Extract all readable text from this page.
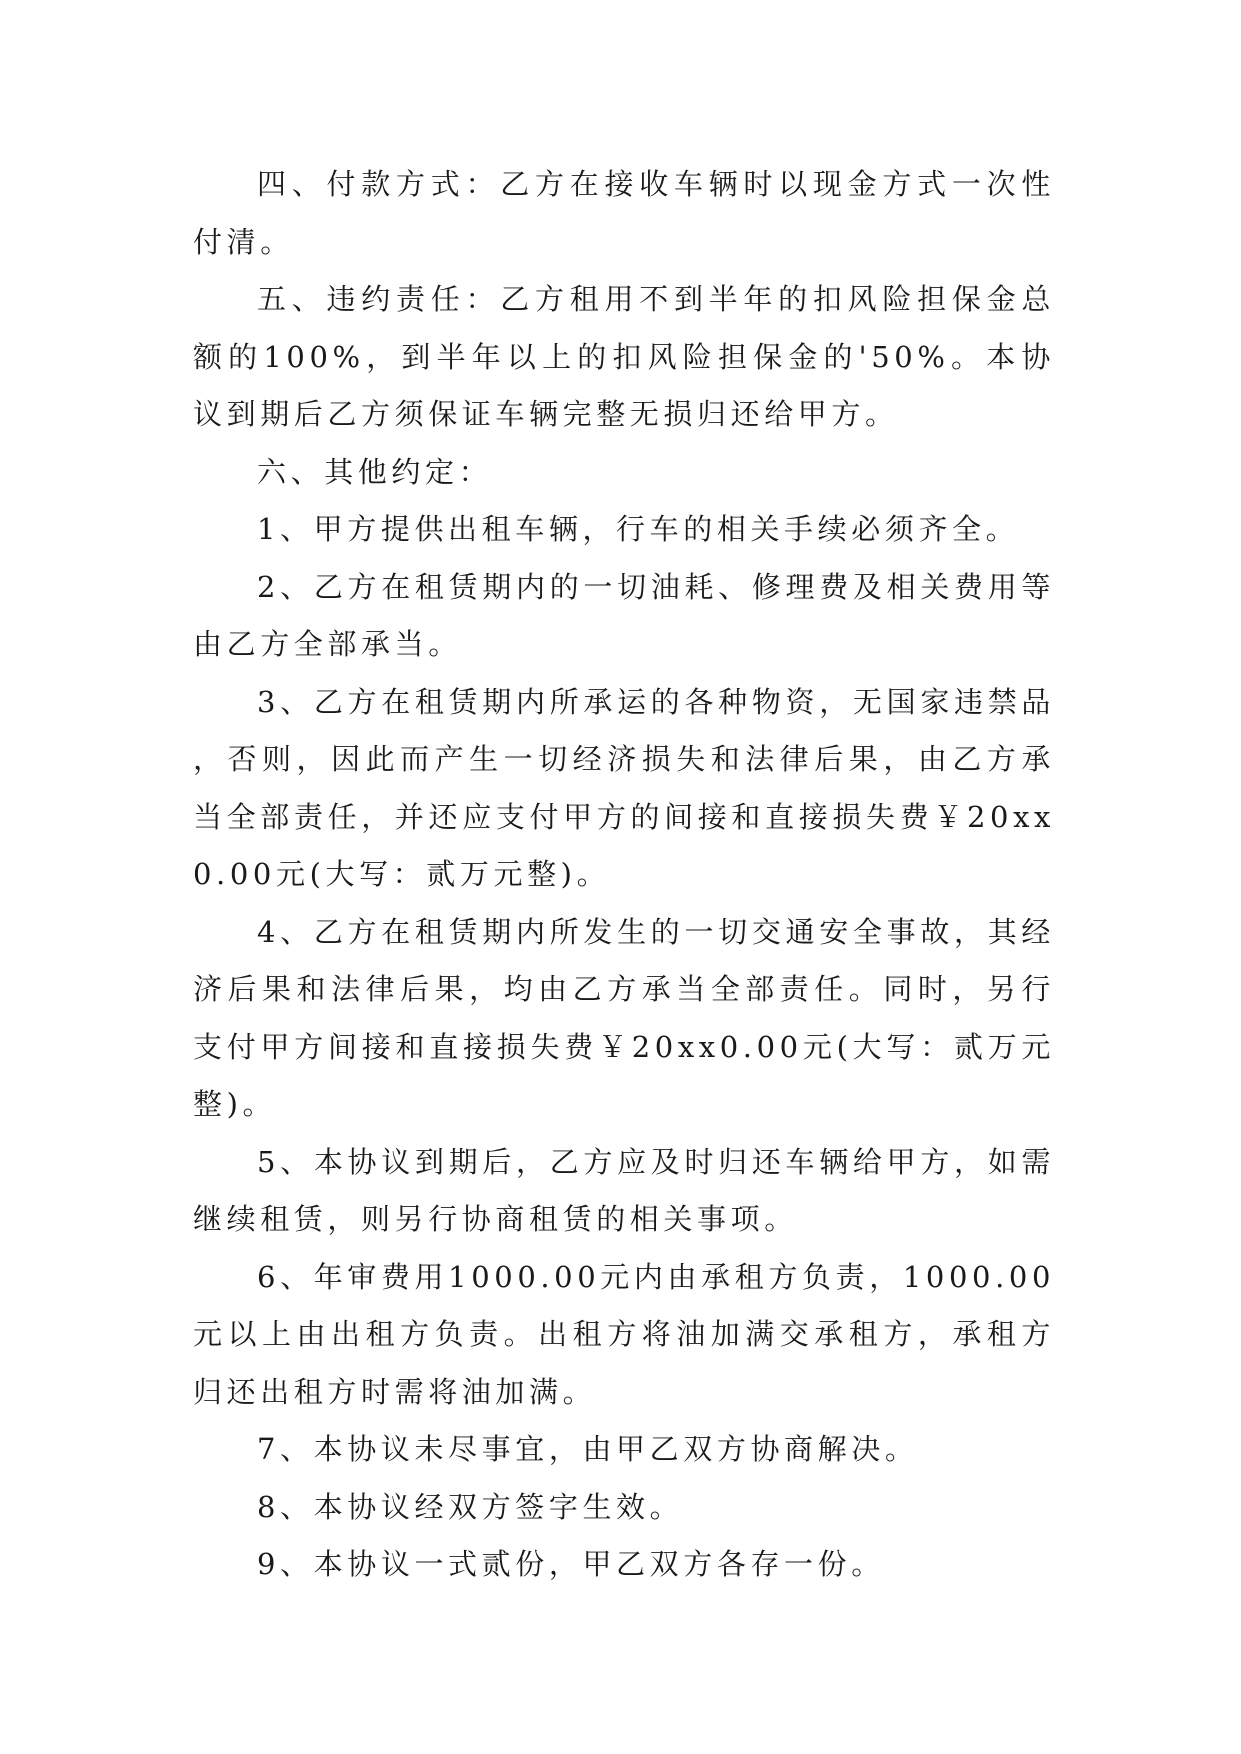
四、付款方式：乙方在接收车辆时以现金方式一次性付清。

五、违约责任：乙方租用不到半年的扣风险担保金总额的100%，到半年以上的扣风险担保金的'50%。本协议到期后乙方须保证车辆完整无损归还给甲方。

六、其他约定：

1、甲方提供出租车辆，行车的相关手续必须齐全。

2、乙方在租赁期内的一切油耗、修理费及相关费用等由乙方全部承当。

3、乙方在租赁期内所承运的各种物资，无国家违禁品，否则，因此而产生一切经济损失和法律后果，由乙方承当全部责任，并还应支付甲方的间接和直接损失费￥20xx0.00元(大写：贰万元整)。

4、乙方在租赁期内所发生的一切交通安全事故，其经济后果和法律后果，均由乙方承当全部责任。同时，另行支付甲方间接和直接损失费￥20xx0.00元(大写：贰万元整)。

5、本协议到期后，乙方应及时归还车辆给甲方，如需继续租赁，则另行协商租赁的相关事项。

6、年审费用1000.00元内由承租方负责，1000.00元以上由出租方负责。出租方将油加满交承租方，承租方归还出租方时需将油加满。

7、本协议未尽事宜，由甲乙双方协商解决。

8、本协议经双方签字生效。

9、本协议一式贰份，甲乙双方各存一份。
